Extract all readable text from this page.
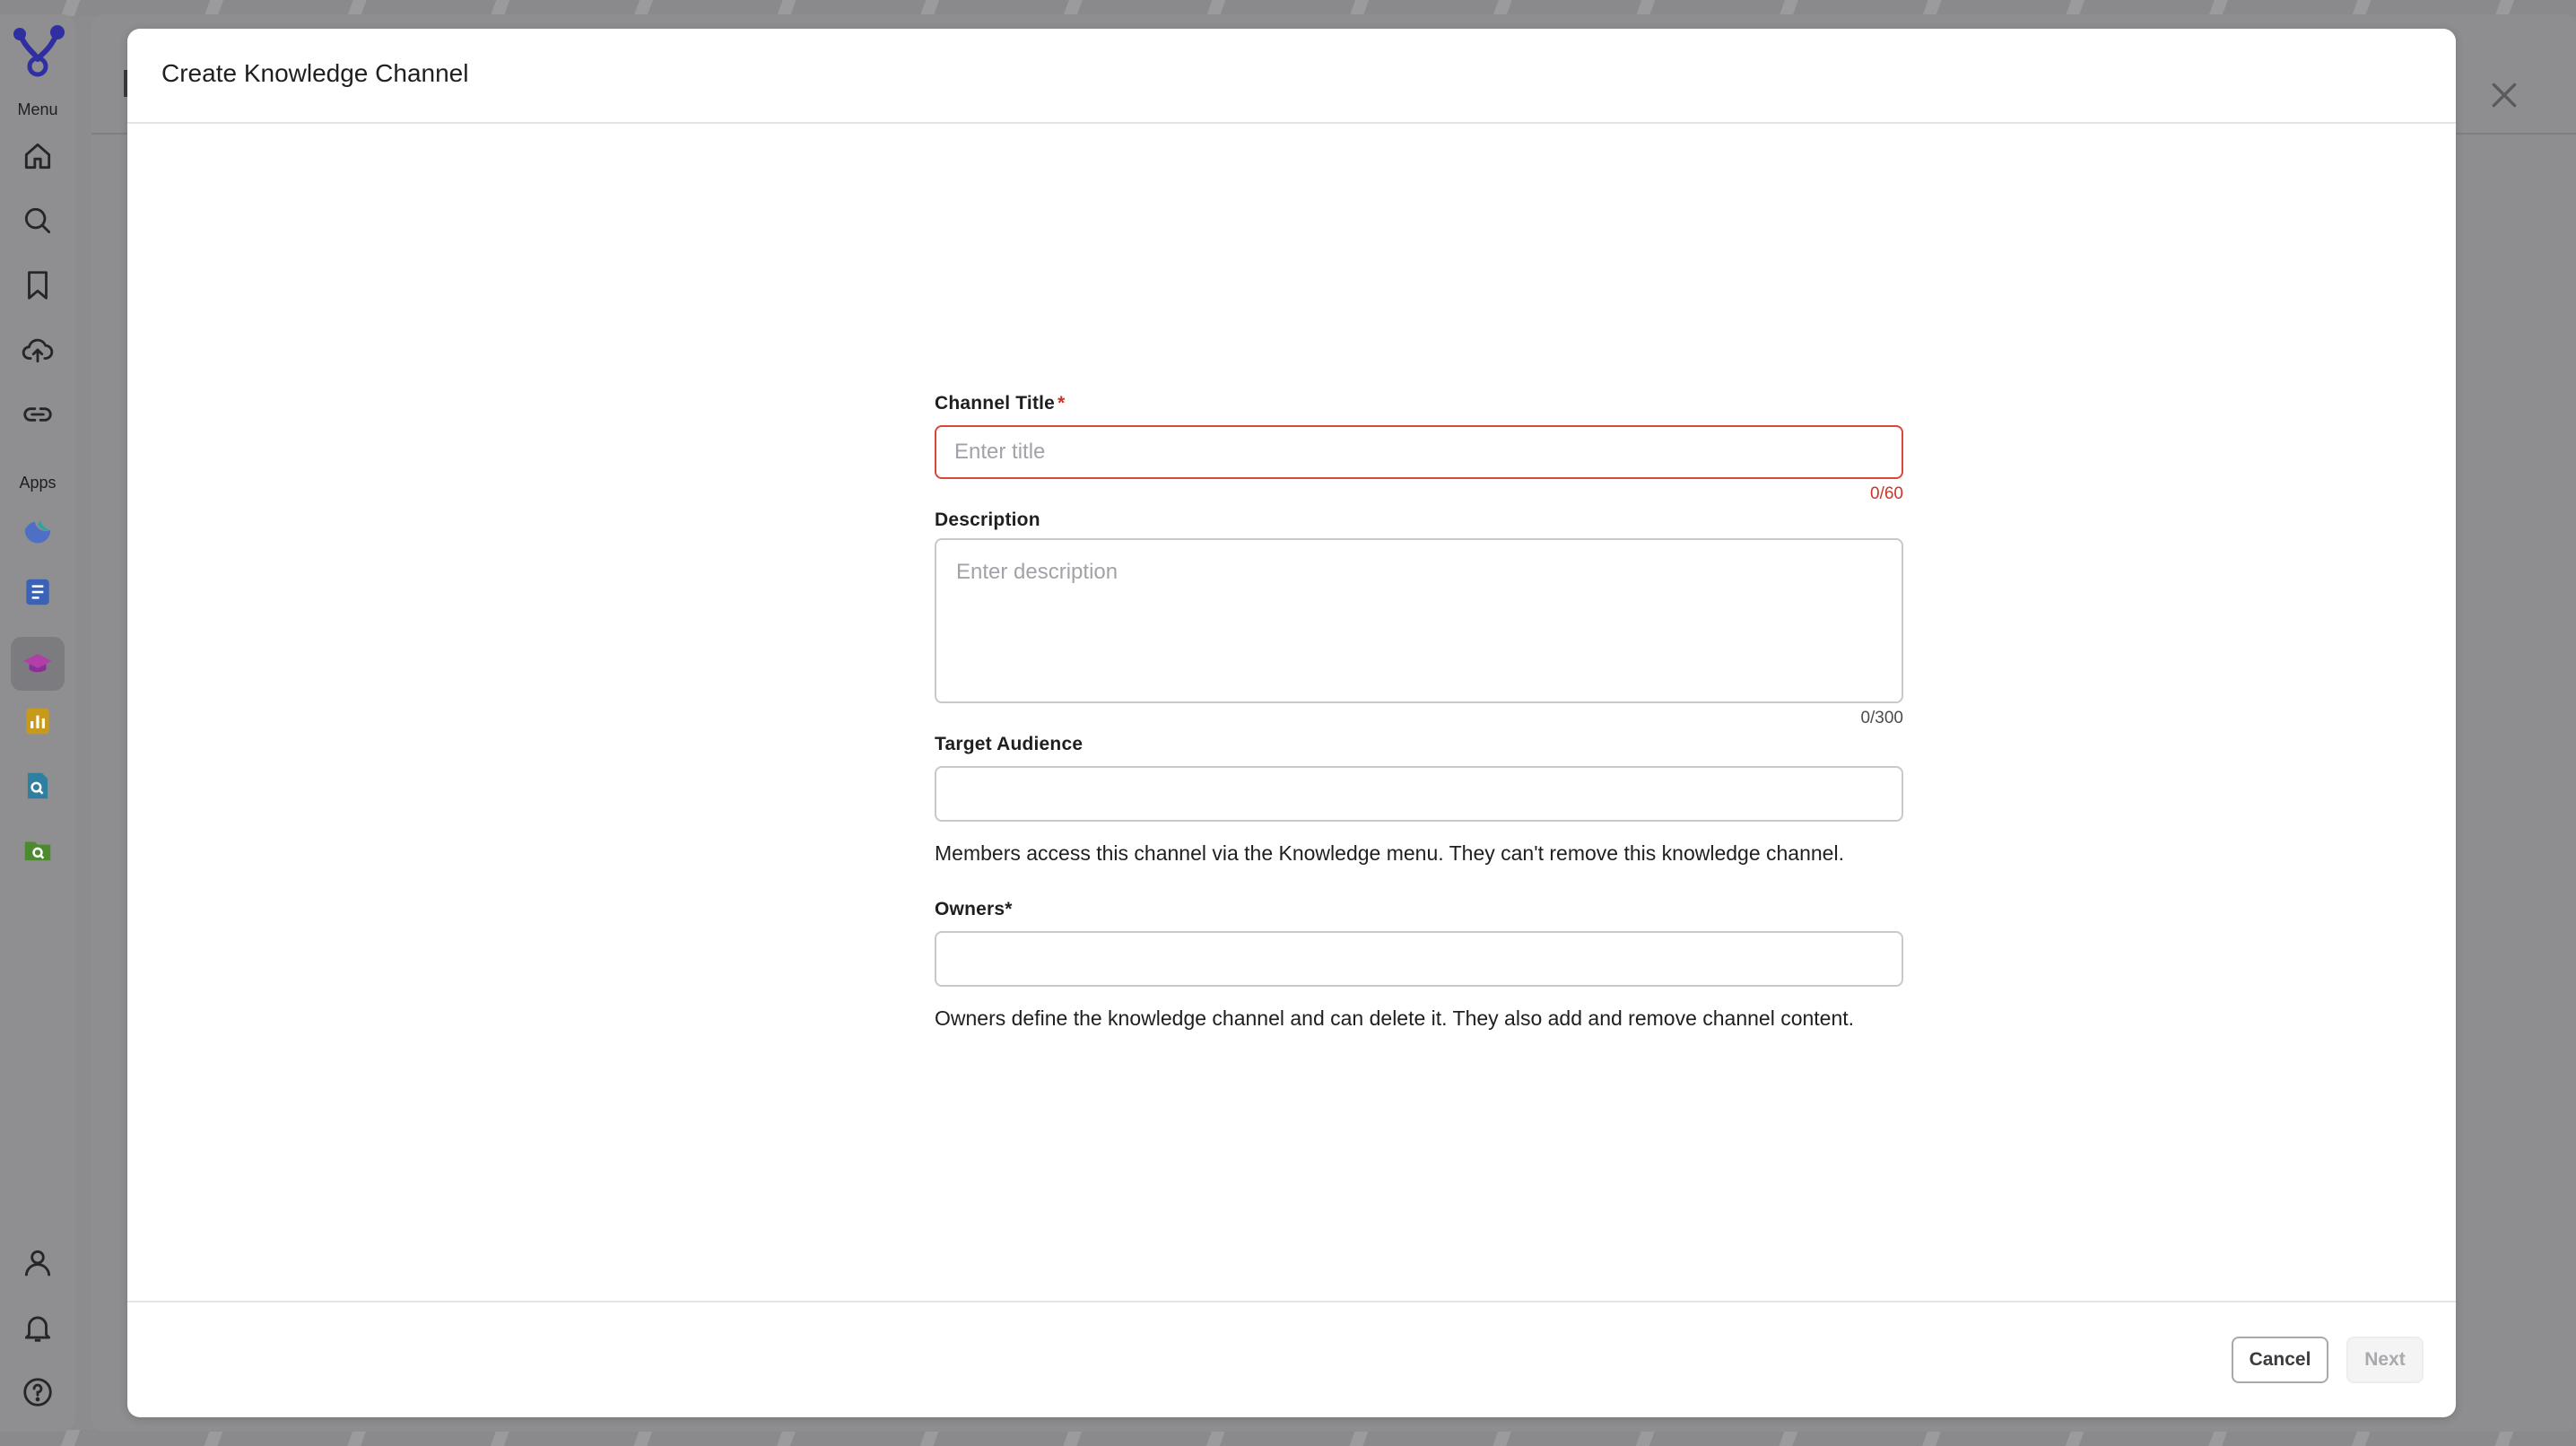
Menu
Apps
Create Knowledge Channel
Channel Title *
Enter title
0/60
Description
Enter description
0/300
Target Audience
Members access this channel via the Knowledge menu. They can't remove this knowledge channel.
Owners*
Owners define the knowledge channel and can delete it. They also add and remove channel content.
Cancel	Next
